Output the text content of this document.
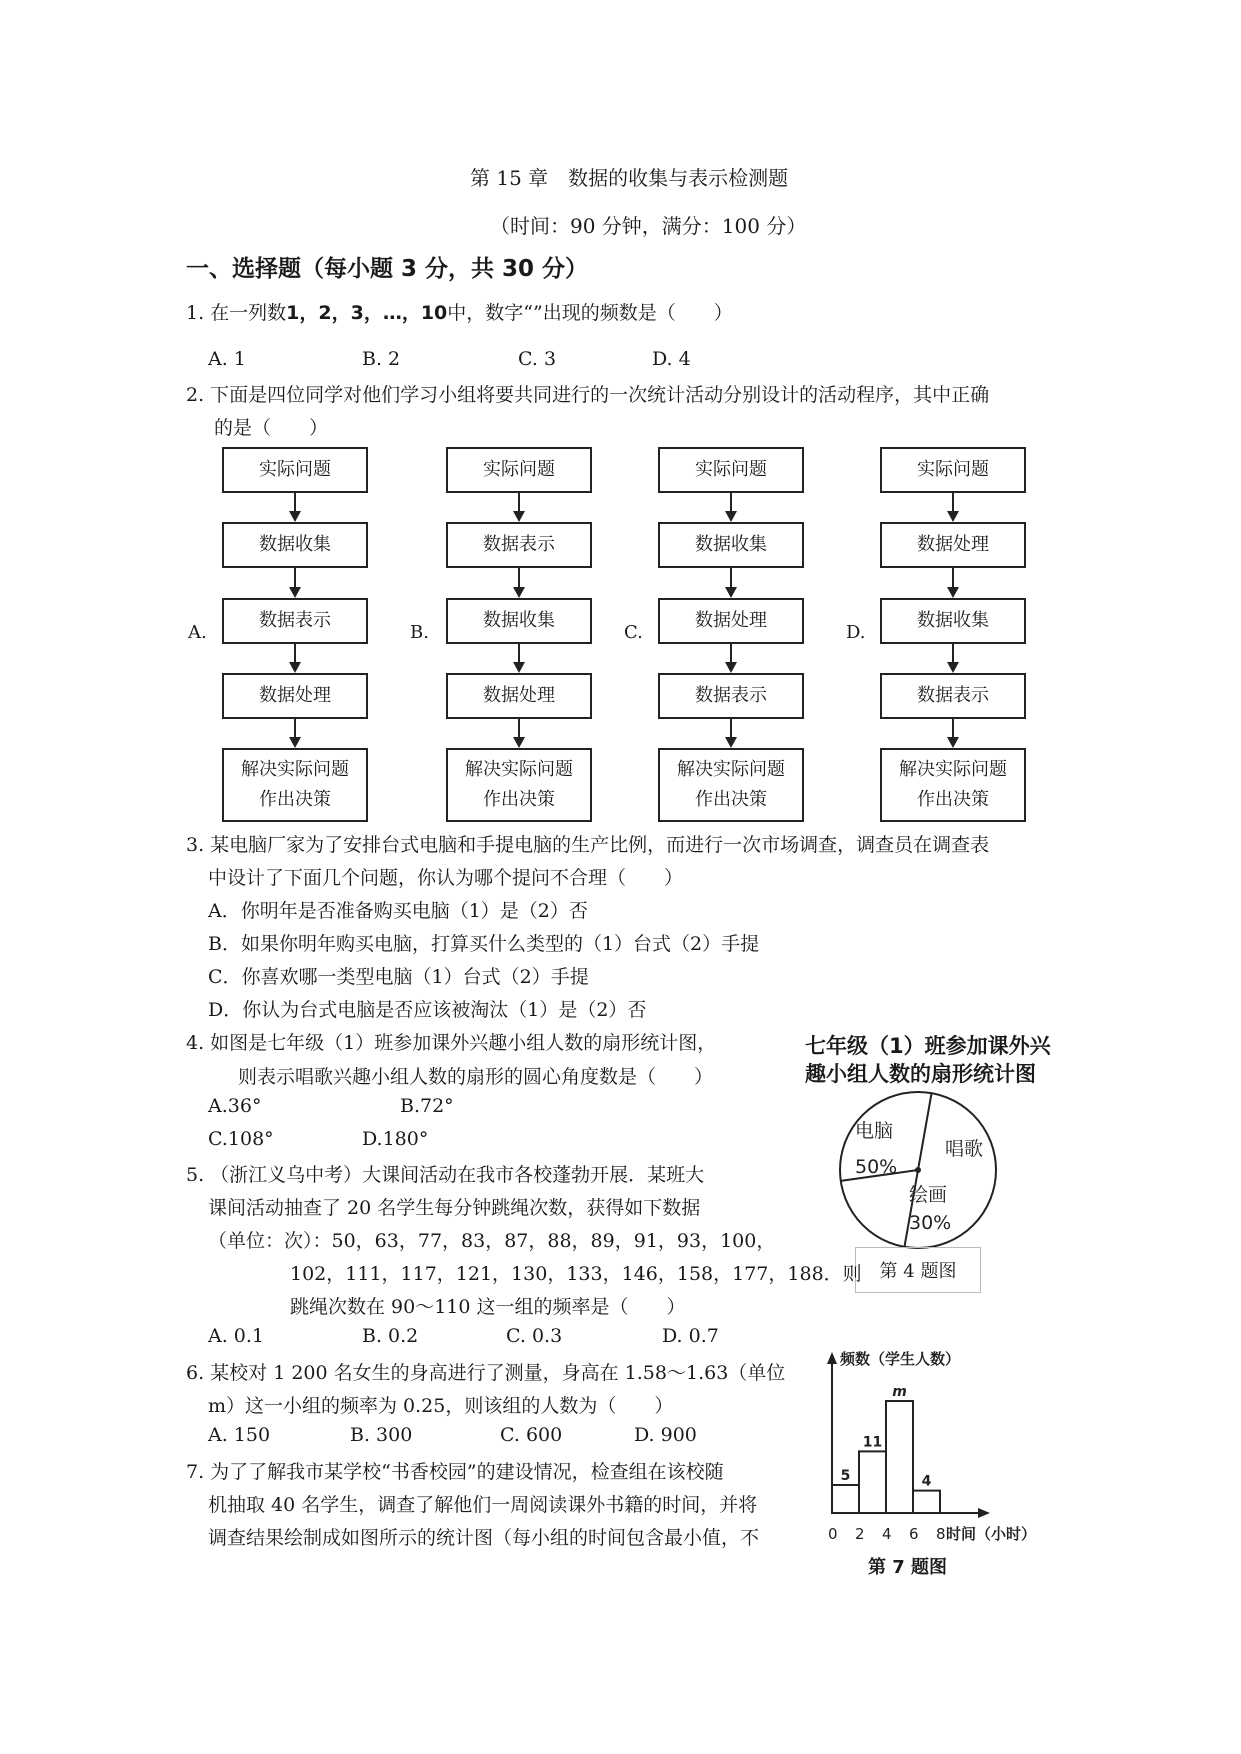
第 15 章　数据的收集与表示检测题
（时间：90 分钟，满分：100 分）
一、选择题（每小题 3 分，共 30 分）
1. 在一列数1，2，3，…，10中，数字“”出现的频数是（　　）
A. 1	B. 2	C. 3	D. 4
2. 下面是四位同学对他们学习小组将要共同进行的一次统计活动分别设计的活动程序，其中正确
的是（　　）
A.
实际问题
数据收集
数据表示
数据处理
解决实际问题
作出决策
B.
实际问题
数据表示
数据收集
数据处理
解决实际问题
作出决策
C.
实际问题
数据收集
数据处理
数据表示
解决实际问题
作出决策
D.
实际问题
数据处理
数据收集
数据表示
解决实际问题
作出决策
3. 某电脑厂家为了安排台式电脑和手提电脑的生产比例，而进行一次市场调查，调查员在调查表
中设计了下面几个问题，你认为哪个提问不合理（　　）
A．你明年是否准备购买电脑（1）是（2）否
B．如果你明年购买电脑，打算买什么类型的（1）台式（2）手提
C．你喜欢哪一类型电脑（1）台式（2）手提
D．你认为台式电脑是否应该被淘汰（1）是（2）否
4. 如图是七年级（1）班参加课外兴趣小组人数的扇形统计图，
则表示唱歌兴趣小组人数的扇形的圆心角度数是（　　）
A.36°	B.72°
C.108°	D.180°
七年级（1）班参加课外兴
趣小组人数的扇形统计图
电脑
50%
唱歌
绘画
30%
第 4 题图
5. （浙江义乌中考）大课间活动在我市各校蓬勃开展．某班大
课间活动抽查了 20 名学生每分钟跳绳次数，获得如下数据
（单位：次）：50，63，77，83，87，88，89，91，93，100，
102，111，117，121，130，133，146，158，177，188．则
跳绳次数在 90～110 这一组的频率是（　　）
A. 0.1	B. 0.2	C. 0.3	D. 0.7
6. 某校对 1 200 名女生的身高进行了测量，身高在 1.58～1.63（单位
m）这一小组的频率为 0.25，则该组的人数为（　　）
A. 150	B. 300	C. 600	D. 900
7. 为了了解我市某学校“书香校园”的建设情况，检查组在该校随
机抽取 40 名学生，调查了解他们一周阅读课外书籍的时间，并将
调查结果绘制成如图所示的统计图（每小组的时间包含最小值，不
频数（学生人数）
时间（小时）
0 2 4 6 8
5
11
m
4
第 7 题图
